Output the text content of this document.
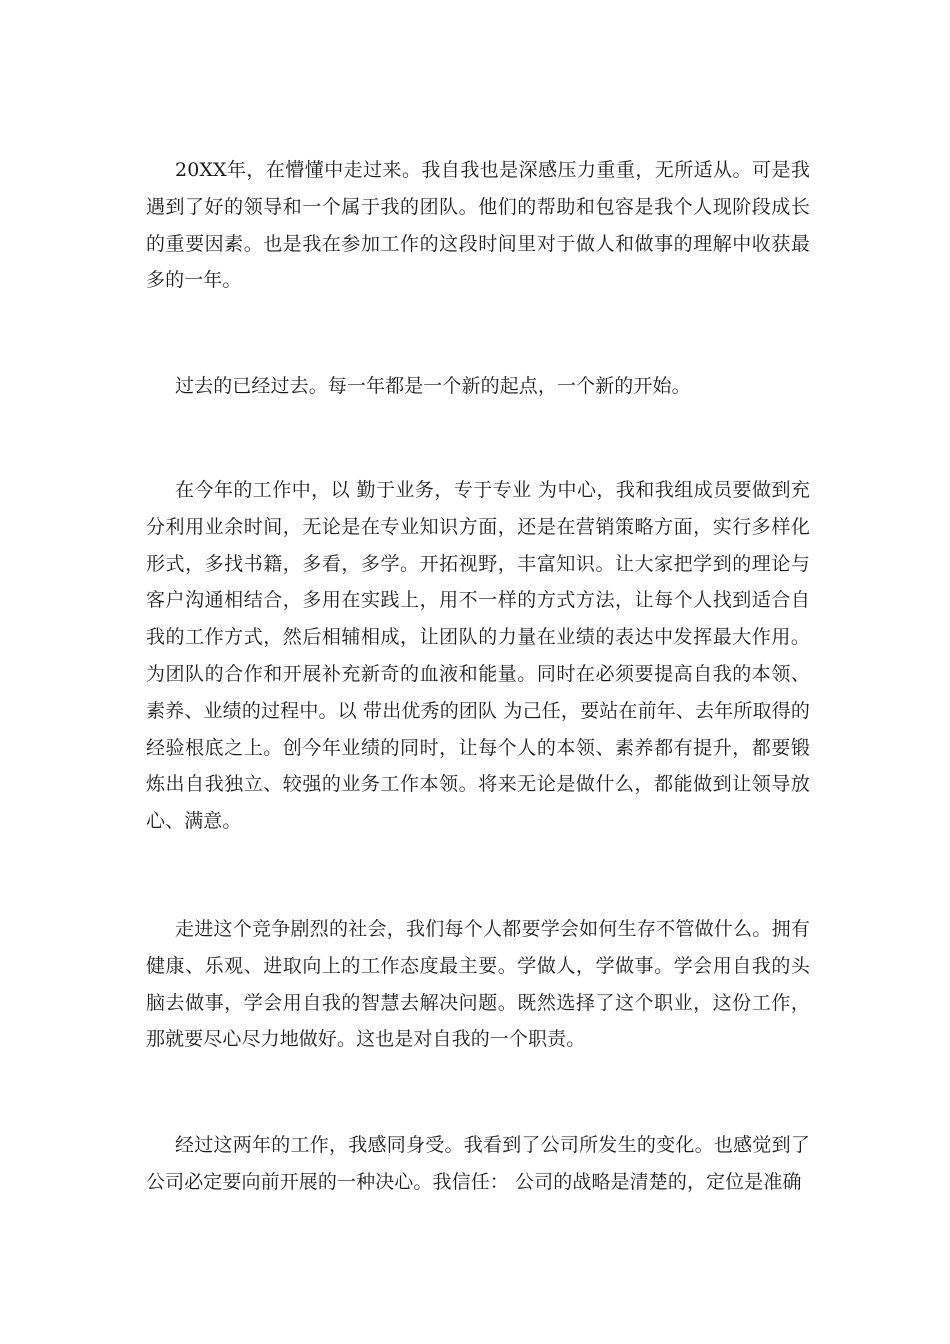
20XX年，在懵懂中走过来。我自我也是深感压力重重，无所适从。可是我遇到了好的领导和一个属于我的团队。他们的帮助和包容是我个人现阶段成长的重要因素。也是我在参加工作的这段时间里对于做人和做事的理解中收获最多的一年。

过去的已经过去。每一年都是一个新的起点，一个新的开始。

在今年的工作中，以 勤于业务，专于专业 为中心，我和我组成员要做到充分利用业余时间，无论是在专业知识方面，还是在营销策略方面，实行多样化形式，多找书籍，多看，多学。开拓视野，丰富知识。让大家把学到的理论与客户沟通相结合，多用在实践上，用不一样的方式方法，让每个人找到适合自我的工作方式，然后相辅相成，让团队的力量在业绩的表达中发挥最大作用。为团队的合作和开展补充新奇的血液和能量。同时在必须要提高自我的本领、素养、业绩的过程中。以 带出优秀的团队 为己任，要站在前年、去年所取得的经验根底之上。创今年业绩的同时，让每个人的本领、素养都有提升，都要锻炼出自我独立、较强的业务工作本领。将来无论是做什么，都能做到让领导放心、满意。

走进这个竞争剧烈的社会，我们每个人都要学会如何生存不管做什么。拥有健康、乐观、进取向上的工作态度最主要。学做人，学做事。学会用自我的头脑去做事，学会用自我的智慧去解决问题。既然选择了这个职业，这份工作，那就要尽心尽力地做好。这也是对自我的一个职责。

经过这两年的工作，我感同身受。我看到了公司所发生的变化。也感觉到了公司必定要向前开展的一种决心。我信任： 公司的战略是清楚的，定位是准确
